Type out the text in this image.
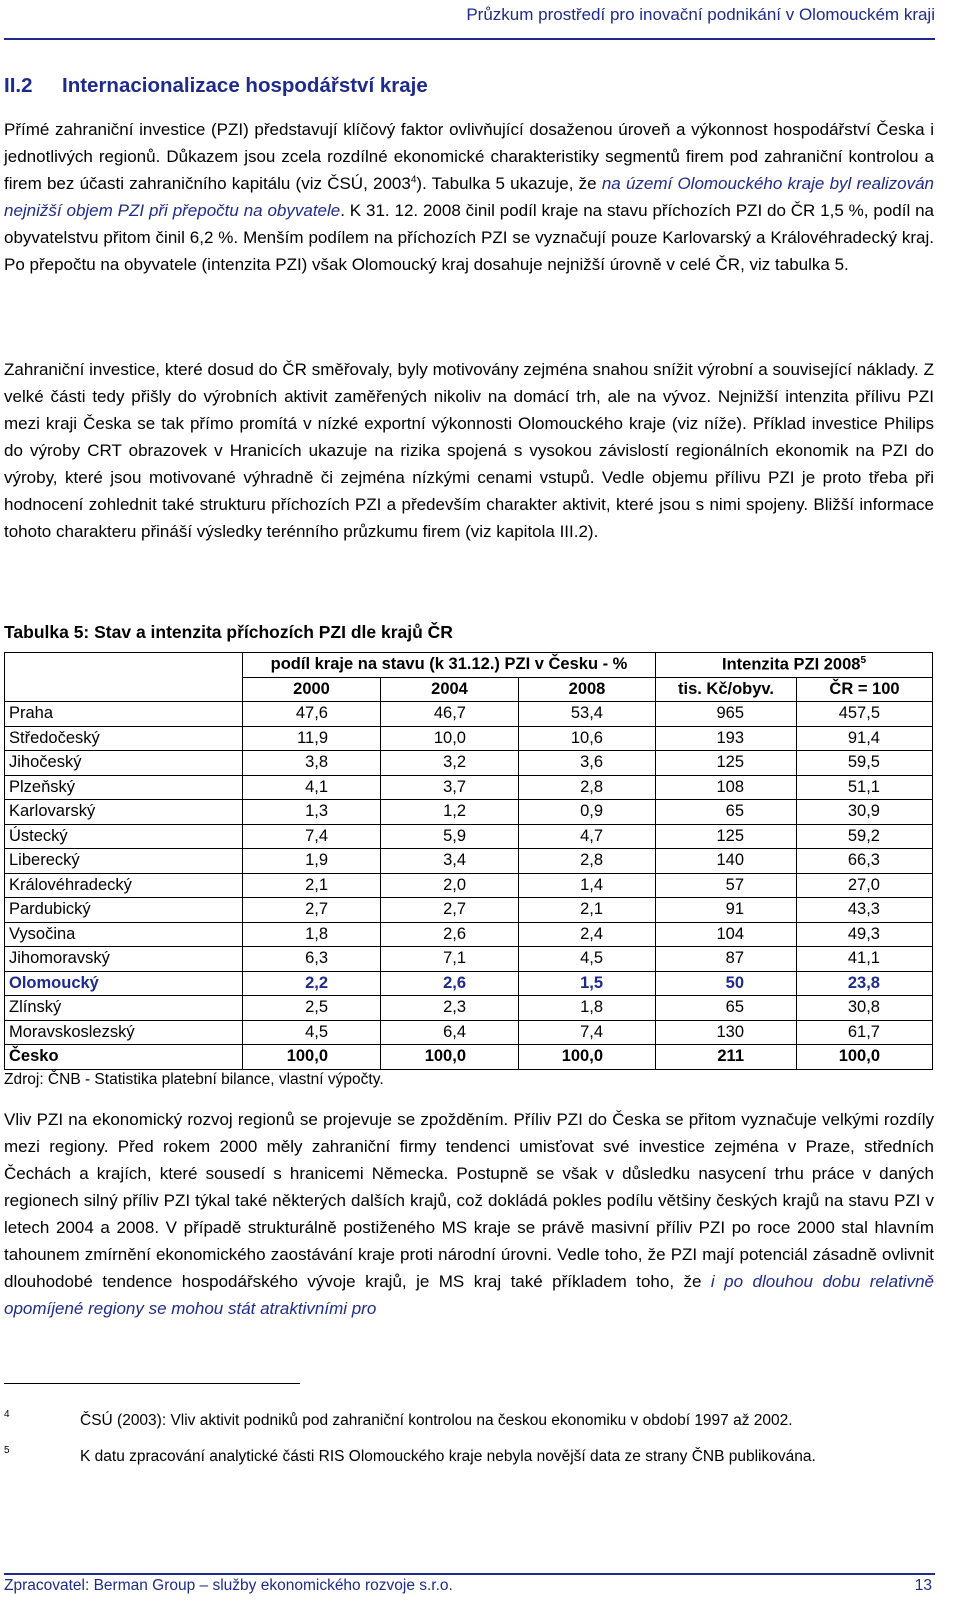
Průzkum prostředí pro inovační podnikání v Olomouckém kraji
II.2 Internacionalizace hospodářství kraje

Přímé zahraniční investice (PZI) představují klíčový faktor ovlivňující dosaženou úroveň a výkonnost hospodářství Česka i jednotlivých regionů. Důkazem jsou zcela rozdílné ekonomické charakteristiky segmentů firem pod zahraniční kontrolou a firem bez účasti zahraničního kapitálu (viz ČSÚ, 2003$^4$). Tabulka 5 ukazuje, že na území Olomouckého kraje byl realizován nejnižší objem PZI při přepočtu na obyvatele. K 31. 12. 2008 činil podíl kraje na stavu příchozích PZI do ČR 1,5 %, podíl na obyvatelstvu přitom činil 6,2 %. Menším podílem na příchozích PZI se vyznačují pouze Karlovarský a Královéhradecký kraj. Po přepočtu na obyvatele (intenzita PZI) však Olomoucký kraj dosahuje nejnižší úrovně v celé ČR, viz tabulka 5.

Zahraniční investice, které dosud do ČR směřovaly, byly motivovány zejména snahou snížit výrobní a související náklady. Z velké části tedy přišly do výrobních aktivit zaměřených nikoliv na domácí trh, ale na vývoz. Nejnižší intenzita přílivu PZI mezi kraji Česka se tak přímo promítá v nízké exportní výkonnosti Olomouckého kraje (viz níže). Příklad investice Philips do výroby CRT obrazovek v Hranicích ukazuje na rizika spojená s vysokou závislostí regionálních ekonomik na PZI do výroby, které jsou motivované výhradně či zejména nízkými cenami vstupů. Vedle objemu přílivu PZI je proto třeba při hodnocení zohlednit také strukturu příchozích PZI a především charakter aktivit, které jsou s nimi spojeny. Bližší informace tohoto charakteru přináší výsledky terénního průzkumu firem (viz kapitola III.2).

Tabulka 5: Stav a intenzita příchozích PZI dle krajů ČR

	podíl kraje na stavu (k 31.12.) PZI v Česku - %			Intenzita PZI 2008$^5$
	2000	2004	2008	tis. Kč/obyv.	ČR = 100
Praha	47,6	46,7	53,4	965	457,5
Středočeský	11,9	10,0	10,6	193	91,4
Jihočeský	3,8	3,2	3,6	125	59,5
Plzeňský	4,1	3,7	2,8	108	51,1
Karlovarský	1,3	1,2	0,9	65	30,9
Ústecký	7,4	5,9	4,7	125	59,2
Liberecký	1,9	3,4	2,8	140	66,3
Královéhradecký	2,1	2,0	1,4	57	27,0
Pardubický	2,7	2,7	2,1	91	43,3
Vysočina	1,8	2,6	2,4	104	49,3
Jihomoravský	6,3	7,1	4,5	87	41,1
Olomoucký	2,2	2,6	1,5	50	23,8
Zlínský	2,5	2,3	1,8	65	30,8
Moravskoslezský	4,5	6,4	7,4	130	61,7
Česko	100,0	100,0	100,0	211	100,0

Zdroj: ČNB - Statistika platební bilance, vlastní výpočty.

Vliv PZI na ekonomický rozvoj regionů se projevuje se zpožděním. Příliv PZI do Česka se přitom vyznačuje velkými rozdíly mezi regiony. Před rokem 2000 měly zahraniční firmy tendenci umisťovat své investice zejména v Praze, středních Čechách a krajích, které sousedí s hranicemi Německa. Postupně se však v důsledku nasycení trhu práce v daných regionech silný příliv PZI týkal také některých dalších krajů, což dokládá pokles podílu většiny českých krajů na stavu PZI v letech 2004 a 2008. V případě strukturálně postiženého MS kraje se právě masivní příliv PZI po roce 2000 stal hlavním tahounem zmírnění ekonomického zaostávání kraje proti národní úrovni. Vedle toho, že PZI mají potenciál zásadně ovlivnit dlouhodobé tendence hospodářského vývoje krajů, je MS kraj také příkladem toho, že i po dlouhou dobu relativně opomíjené regiony se mohou stát atraktivními pro

4	ČSÚ (2003): Vliv aktivit podniků pod zahraniční kontrolou na českou ekonomiku v období 1997 až 2002.

5	K datu zpracování analytické části RIS Olomouckého kraje nebyla novější data ze strany ČNB publikována.

Zpracovatel: Berman Group – služby ekonomického rozvoje s.r.o.	13
